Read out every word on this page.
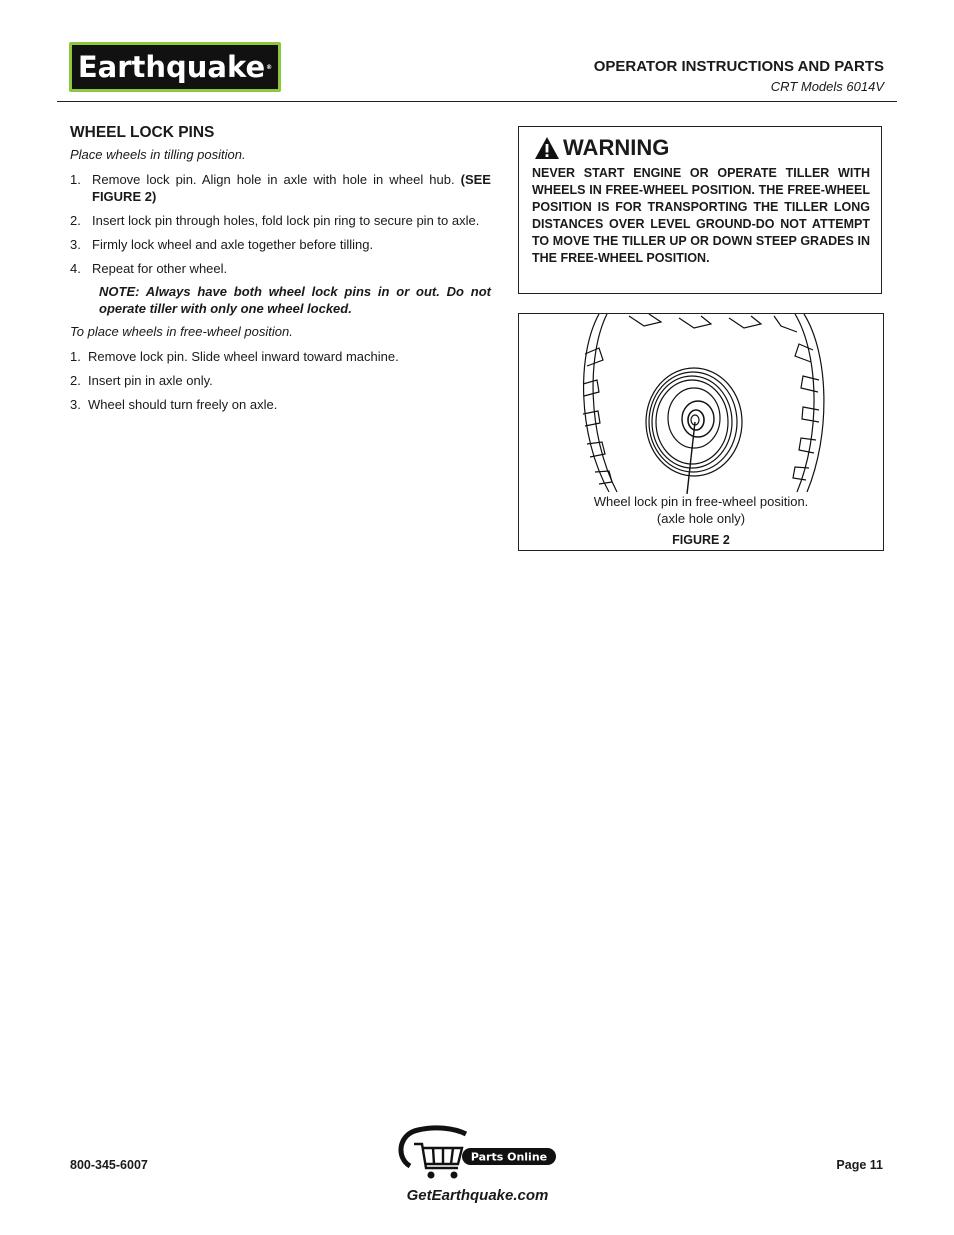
Earthquake ®	OPERATOR INSTRUCTIONS AND PARTS
CRT Models 6014V
WHEEL LOCK PINS

Place wheels in tilling position.

1. Remove lock pin. Align hole in axle with hole in wheel hub. (SEE FIGURE 2)
2. Insert lock pin through holes, fold lock pin ring to secure pin to axle.
3. Firmly lock wheel and axle together before tilling.
4. Repeat for other wheel.

NOTE: Always have both wheel lock pins in or out. Do not operate tiller with only one wheel locked.

To place wheels in free-wheel position.

1. Remove lock pin. Slide wheel inward toward machine.
2. Insert pin in axle only.
3. Wheel should turn freely on axle.
WARNING
NEVER START ENGINE OR OPERATE TILLER WITH WHEELS IN FREE-WHEEL POSITION. THE FREE-WHEEL POSITION IS FOR TRANSPORTING THE TILLER LONG DISTANCES OVER LEVEL GROUND-DO NOT ATTEMPT TO MOVE THE TILLER UP OR DOWN STEEP GRADES IN THE FREE-WHEEL POSITION.
Wheel lock pin in free-wheel position.
(axle hole only)
FIGURE 2
800-345-6007
Parts Online
GetEarthquake.com
Page 11
